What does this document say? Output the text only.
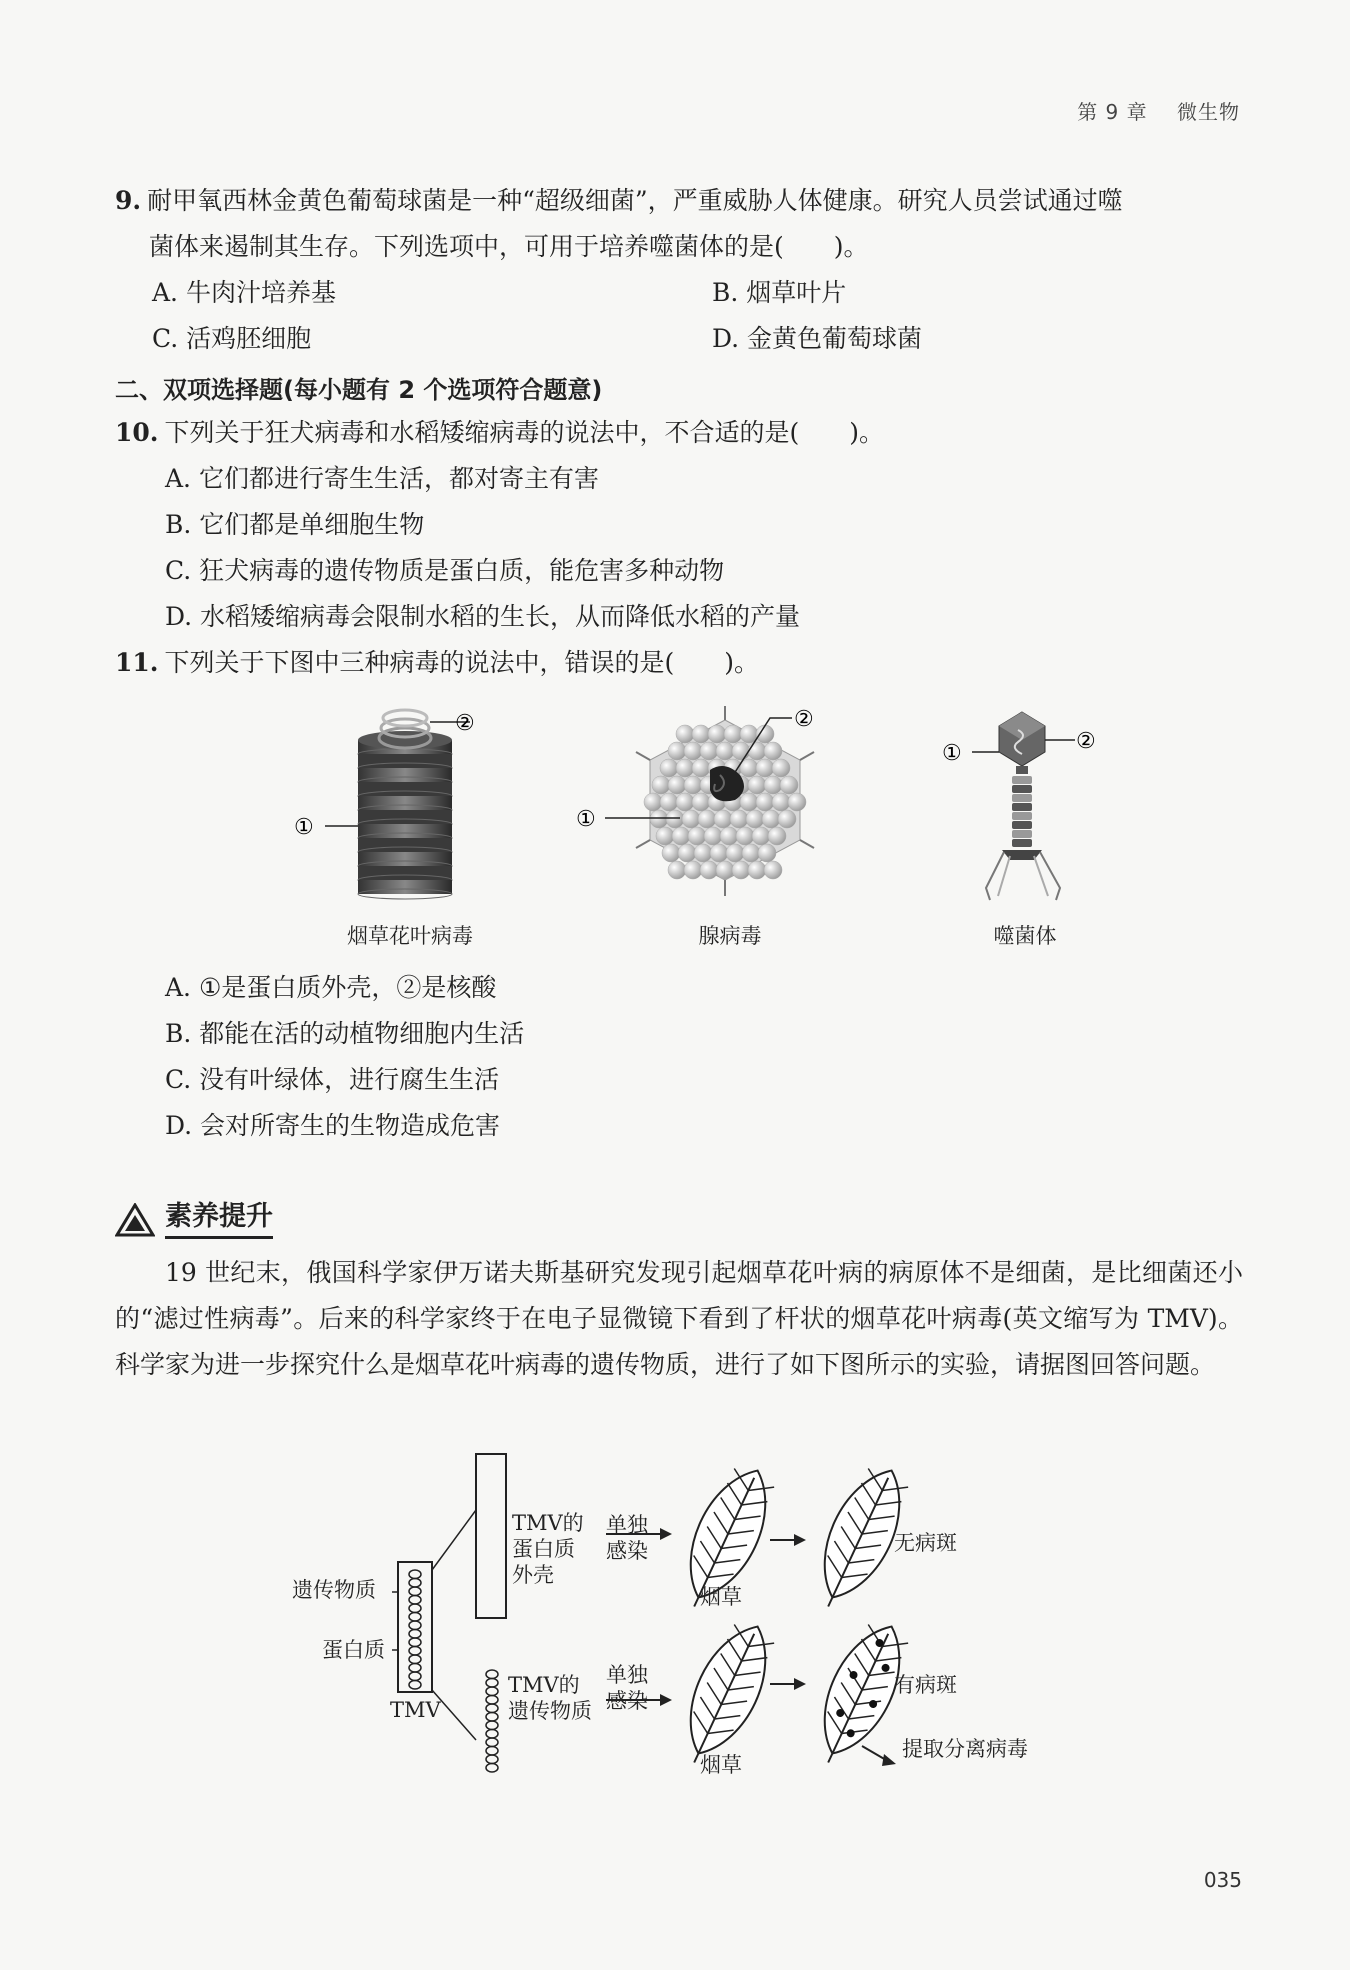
第 9 章 微生物
9. 耐甲氧西林金黄色葡萄球菌是一种“超级细菌”，严重威胁人体健康。研究人员尝试通过噬
菌体来遏制其生存。下列选项中，可用于培养噬菌体的是(　　)。
A. 牛肉汁培养基	B. 烟草叶片
C. 活鸡胚细胞	D. 金黄色葡萄球菌
二、双项选择题(每小题有 2 个选项符合题意)
10. 下列关于狂犬病毒和水稻矮缩病毒的说法中，不合适的是(　　)。
A. 它们都进行寄生生活，都对寄主有害
B. 它们都是单细胞生物
C. 狂犬病毒的遗传物质是蛋白质，能危害多种动物
D. 水稻矮缩病毒会限制水稻的生长，从而降低水稻的产量
11. 下列关于下图中三种病毒的说法中，错误的是(　　)。
②
①
②
①
①	②
烟草花叶病毒	腺病毒	噬菌体
A. ①是蛋白质外壳，②是核酸
B. 都能在活的动植物细胞内生活
C. 没有叶绿体，进行腐生生活
D. 会对所寄生的生物造成危害
素养提升
19 世纪末，俄国科学家伊万诺夫斯基研究发现引起烟草花叶病的病原体不是细菌，是比细菌还小的“滤过性病毒”。后来的科学家终于在电子显微镜下看到了杆状的烟草花叶病毒(英文缩写为 TMV)。科学家为进一步探究什么是烟草花叶病毒的遗传物质，进行了如下图所示的实验，请据图回答问题。
遗传物质
蛋白质
TMV
TMV的
蛋白质
外壳
TMV的
遗传物质
单独
感染
单独
感染
烟草
烟草
无病斑
有病斑
提取分离病毒
035
